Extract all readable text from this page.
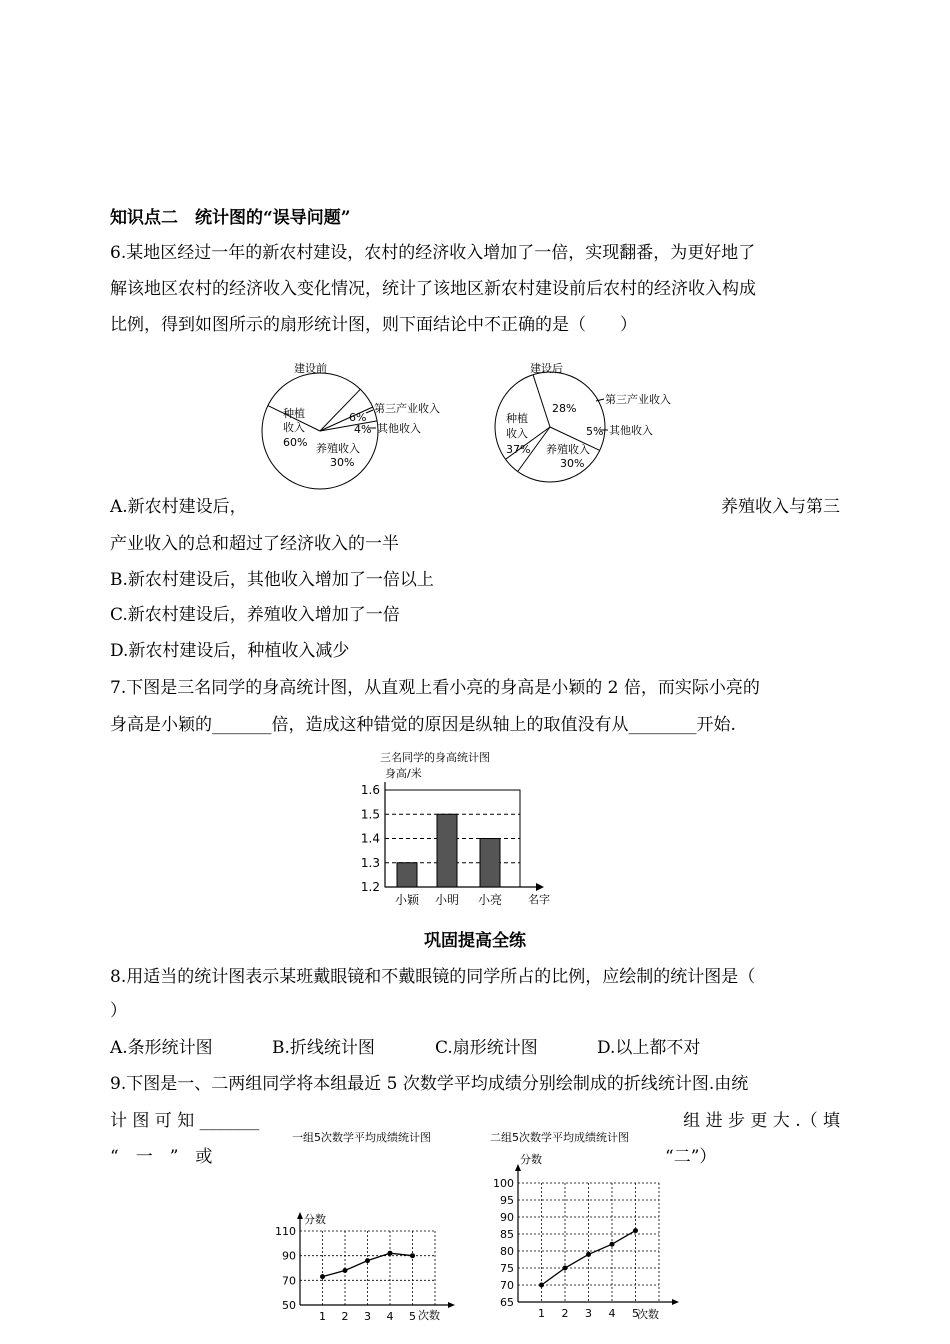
知识点二　统计图的“误导问题”
6.某地区经过一年的新农村建设，农村的经济收入增加了一倍，实现翻番，为更好地了
解该地区农村的经济收入变化情况，统计了该地区新农村建设前后农村的经济收入构成
比例，得到如图所示的扇形统计图，则下面结论中不正确的是（　　）
建设前
种植
收入
60% 养殖收入
30%
6%
4%
第三产业收入
其他收入
建设后
种植
收入
37%
28%
5%
养殖收入
30%
第三产业收入
其他收入
A.新农村建设后，	养殖收入与第三
产业收入的总和超过了经济收入的一半
B.新农村建设后，其他收入增加了一倍以上
C.新农村建设后，养殖收入增加了一倍
D.新农村建设后，种植收入减少
7.下图是三名同学的身高统计图，从直观上看小亮的身高是小颖的 2 倍，而实际小亮的
身高是小颖的_______倍，造成这种错觉的原因是纵轴上的取值没有从________开始.
三名同学的身高统计图
身高/米
1.2
1.3
1.4
1.5
1.6
小颖 小明 小亮 名字
巩固提高全练
8.用适当的统计图表示某班戴眼镜和不戴眼镜的同学所占的比例，应绘制的统计图是（
）
A.条形统计图	B.折线统计图	C.扇形统计图	D.以上都不对
9.下图是一、二两组同学将本组最近 5 次数学平均成绩分别绘制成的折线统计图.由统
计 图 可 知 _______	组 进 步 更 大 .（ 填
“　一　”　或	“二”）
一组5次数学平均成绩统计图
分数
50
70
90
110
1 2 3 4 5 次数
二组5次数学平均成绩统计图
分数
65
70
75
80
85
90
95
100
1 2 3 4 5
次数
